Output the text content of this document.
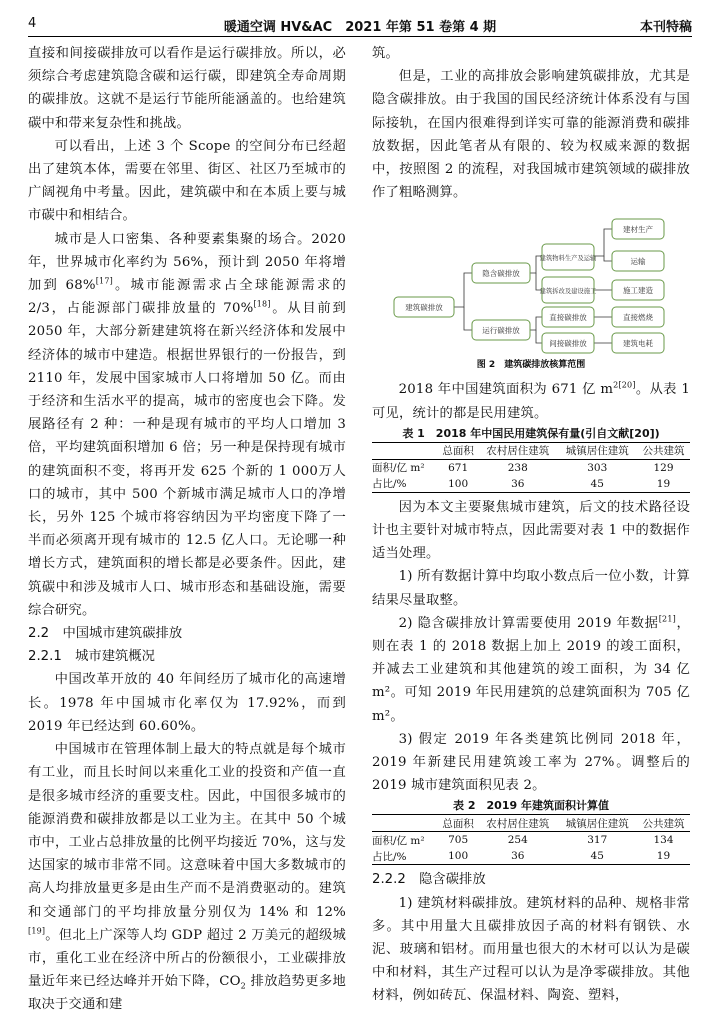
4	暖通空调 HV&AC　2021 年第 51 卷第 4 期	本刊特稿

直接和间接碳排放可以看作是运行碳排放。所以，必须综合考虑建筑隐含碳和运行碳，即建筑全寿命周期的碳排放。这就不是运行节能所能涵盖的。也给建筑碳中和带来复杂性和挑战。

可以看出，上述 3 个 Scope 的空间分布已经超出了建筑本体，需要在邻里、街区、社区乃至城市的广阔视角中考量。因此，建筑碳中和在本质上要与城市碳中和相结合。

城市是人口密集、各种要素集聚的场合。2020 年，世界城市化率约为 56%，预计到 2050 年将增加到 68%[17]。城市能源需求占全球能源需求的 2/3，占能源部门碳排放量的 70%[18]。从目前到 2050 年，大部分新建建筑将在新兴经济体和发展中经济体的城市中建造。根据世界银行的一份报告，到 2110 年，发展中国家城市人口将增加 50 亿。而由于经济和生活水平的提高，城市的密度也会下降。发展路径有 2 种：一种是现有城市的平均人口增加 3 倍，平均建筑面积增加 6 倍；另一种是保持现有城市的建筑面积不变，将再开发 625 个新的 1 000万人口的城市，其中 500 个新城市满足城市人口的净增长，另外 125 个城市将容纳因为平均密度下降了一半而必须离开现有城市的 12.5 亿人口。无论哪一种增长方式，建筑面积的增长都是必要条件。因此，建筑碳中和涉及城市人口、城市形态和基础设施，需要综合研究。

2.2　中国城市建筑碳排放
2.2.1　城市建筑概况

中国改革开放的 40 年间经历了城市化的高速增长。1978 年中国城市化率仅为 17.92%，而到 2019 年已经达到 60.60%。

中国城市在管理体制上最大的特点就是每个城市有工业，而且长时间以来重化工业的投资和产值一直是很多城市经济的重要支柱。因此，中国很多城市的能源消费和碳排放都是以工业为主。在其中 50 个城市中，工业占总排放量的比例平均接近 70%，这与发达国家的城市非常不同。这意味着中国大多数城市的高人均排放量更多是由生产而不是消费驱动的。建筑和交通部门的平均排放量分别仅为 14% 和 12%[19]。但北上广深等人均 GDP 超过 2 万美元的超级城市，重化工业在经济中所占的份额很小，工业碳排放量近年来已经达峰并开始下降，$CO_2$ 排放趋势更多地取决于交通和建

筑。

但是，工业的高排放会影响建筑碳排放，尤其是隐含碳排放。由于我国的国民经济统计体系没有与国际接轨，在国内很难得到详实可靠的能源消费和碳排放数据，因此笔者从有限的、较为权威来源的数据中，按照图 2 的流程，对我国城市建筑领域的碳排放作了粗略测算。

建筑碳排放
隐含碳排放
运行碳排放
建筑物料生产及运输
建筑拆改及建设施工
直接碳排放
间接碳排放
建材生产
运输
施工建造
直接燃烧
建筑电耗

图 2　建筑碳排放核算范围

2018 年中国建筑面积为 671 亿 $m^{2[20]}$。从表 1 可见，统计的都是民用建筑。

表 1　2018 年中国民用建筑保有量(引自文献[20])

	总面积	农村居住建筑	城镇居住建筑	公共建筑
面积/亿 m²	671	238	303	129
占比/%	100	36	45	19

因为本文主要聚焦城市建筑，后文的技术路径设计也主要针对城市特点，因此需要对表 1 中的数据作适当处理。

1) 所有数据计算中均取小数点后一位小数，计算结果尽量取整。

2) 隐含碳排放计算需要使用 2019 年数据[21]，则在表 1 的 2018 数据上加上 2019 的竣工面积，并减去工业建筑和其他建筑的竣工面积，为 34 亿 m²。可知 2019 年民用建筑的总建筑面积为 705 亿 m²。

3) 假定 2019 年各类建筑比例同 2018 年，2019 年新建民用建筑竣工率为 27%。调整后的 2019 城市建筑面积见表 2。

表 2　2019 年建筑面积计算值

	总面积	农村居住建筑	城镇居住建筑	公共建筑
面积/亿 m²	705	254	317	134
占比/%	100	36	45	19
2.2.2　隐含碳排放

1) 建筑材料碳排放。建筑材料的品种、规格非常多。其中用量大且碳排放因子高的材料有钢铁、水泥、玻璃和铝材。而用量也很大的木材可以认为是碳中和材料，其生产过程可以认为是净零碳排放。其他材料，例如砖瓦、保温材料、陶瓷、塑料，
